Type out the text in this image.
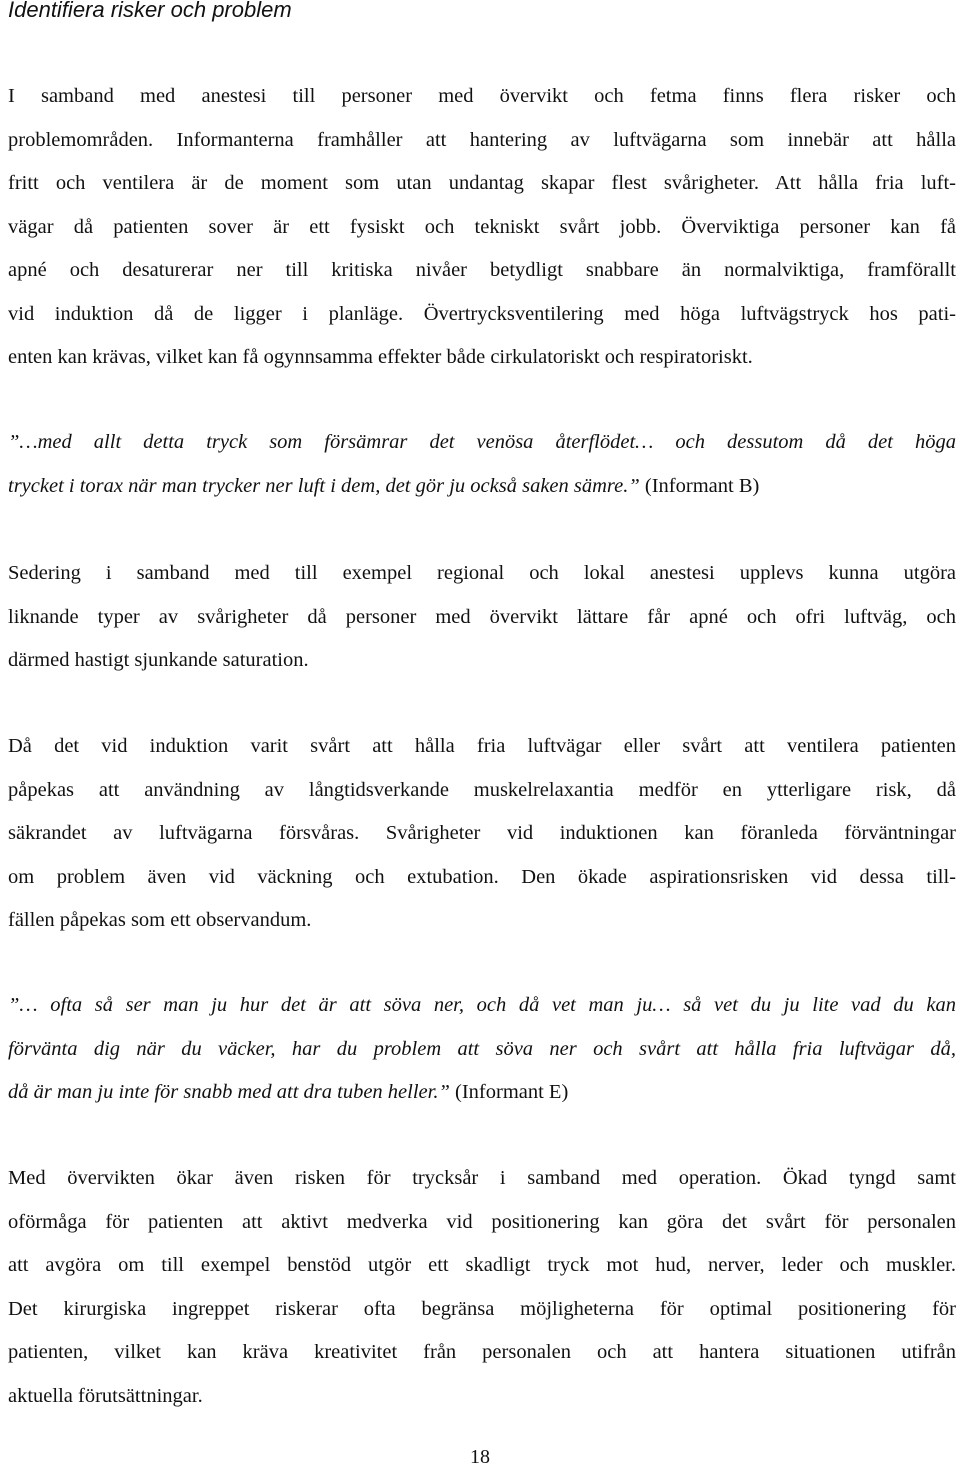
Identifiera risker och problem

I samband med anestesi till personer med övervikt och fetma finns flera risker och
problemområden. Informanterna framhåller att hantering av luftvägarna som innebär att hålla
fritt och ventilera är de moment som utan undantag skapar flest svårigheter. Att hålla fria luft-
vägar då patienten sover är ett fysiskt och tekniskt svårt jobb. Överviktiga personer kan få
apné och desaturerar ner till kritiska nivåer betydligt snabbare än normalviktiga, framförallt
vid induktion då de ligger i planläge. Övertrycksventilering med höga luftvägstryck hos pati-
enten kan krävas, vilket kan få ogynnsamma effekter både cirkulatoriskt och respiratoriskt.

”…med allt detta tryck som försämrar det venösa återflödet… och dessutom då det höga
trycket i torax när man trycker ner luft i dem, det gör ju också saken sämre.” (Informant B)

Sedering i samband med till exempel regional och lokal anestesi upplevs kunna utgöra
liknande typer av svårigheter då personer med övervikt lättare får apné och ofri luftväg, och
därmed hastigt sjunkande saturation.

Då det vid induktion varit svårt att hålla fria luftvägar eller svårt att ventilera patienten
påpekas att användning av långtidsverkande muskelrelaxantia medför en ytterligare risk, då
säkrandet av luftvägarna försvåras. Svårigheter vid induktionen kan föranleda förväntningar
om problem även vid väckning och extubation. Den ökade aspirationsrisken vid dessa till-
fällen påpekas som ett observandum.

”… ofta så ser man ju hur det är att söva ner, och då vet man ju… så vet du ju lite vad du kan
förvänta dig när du väcker, har du problem att söva ner och svårt att hålla fria luftvägar då,
då är man ju inte för snabb med att dra tuben heller.” (Informant E)

Med övervikten ökar även risken för trycksår i samband med operation. Ökad tyngd samt
oförmåga för patienten att aktivt medverka vid positionering kan göra det svårt för personalen
att avgöra om till exempel benstöd utgör ett skadligt tryck mot hud, nerver, leder och muskler.
Det kirurgiska ingreppet riskerar ofta begränsa möjligheterna för optimal positionering för
patienten, vilket kan kräva kreativitet från personalen och att hantera situationen utifrån
aktuella förutsättningar.

18
